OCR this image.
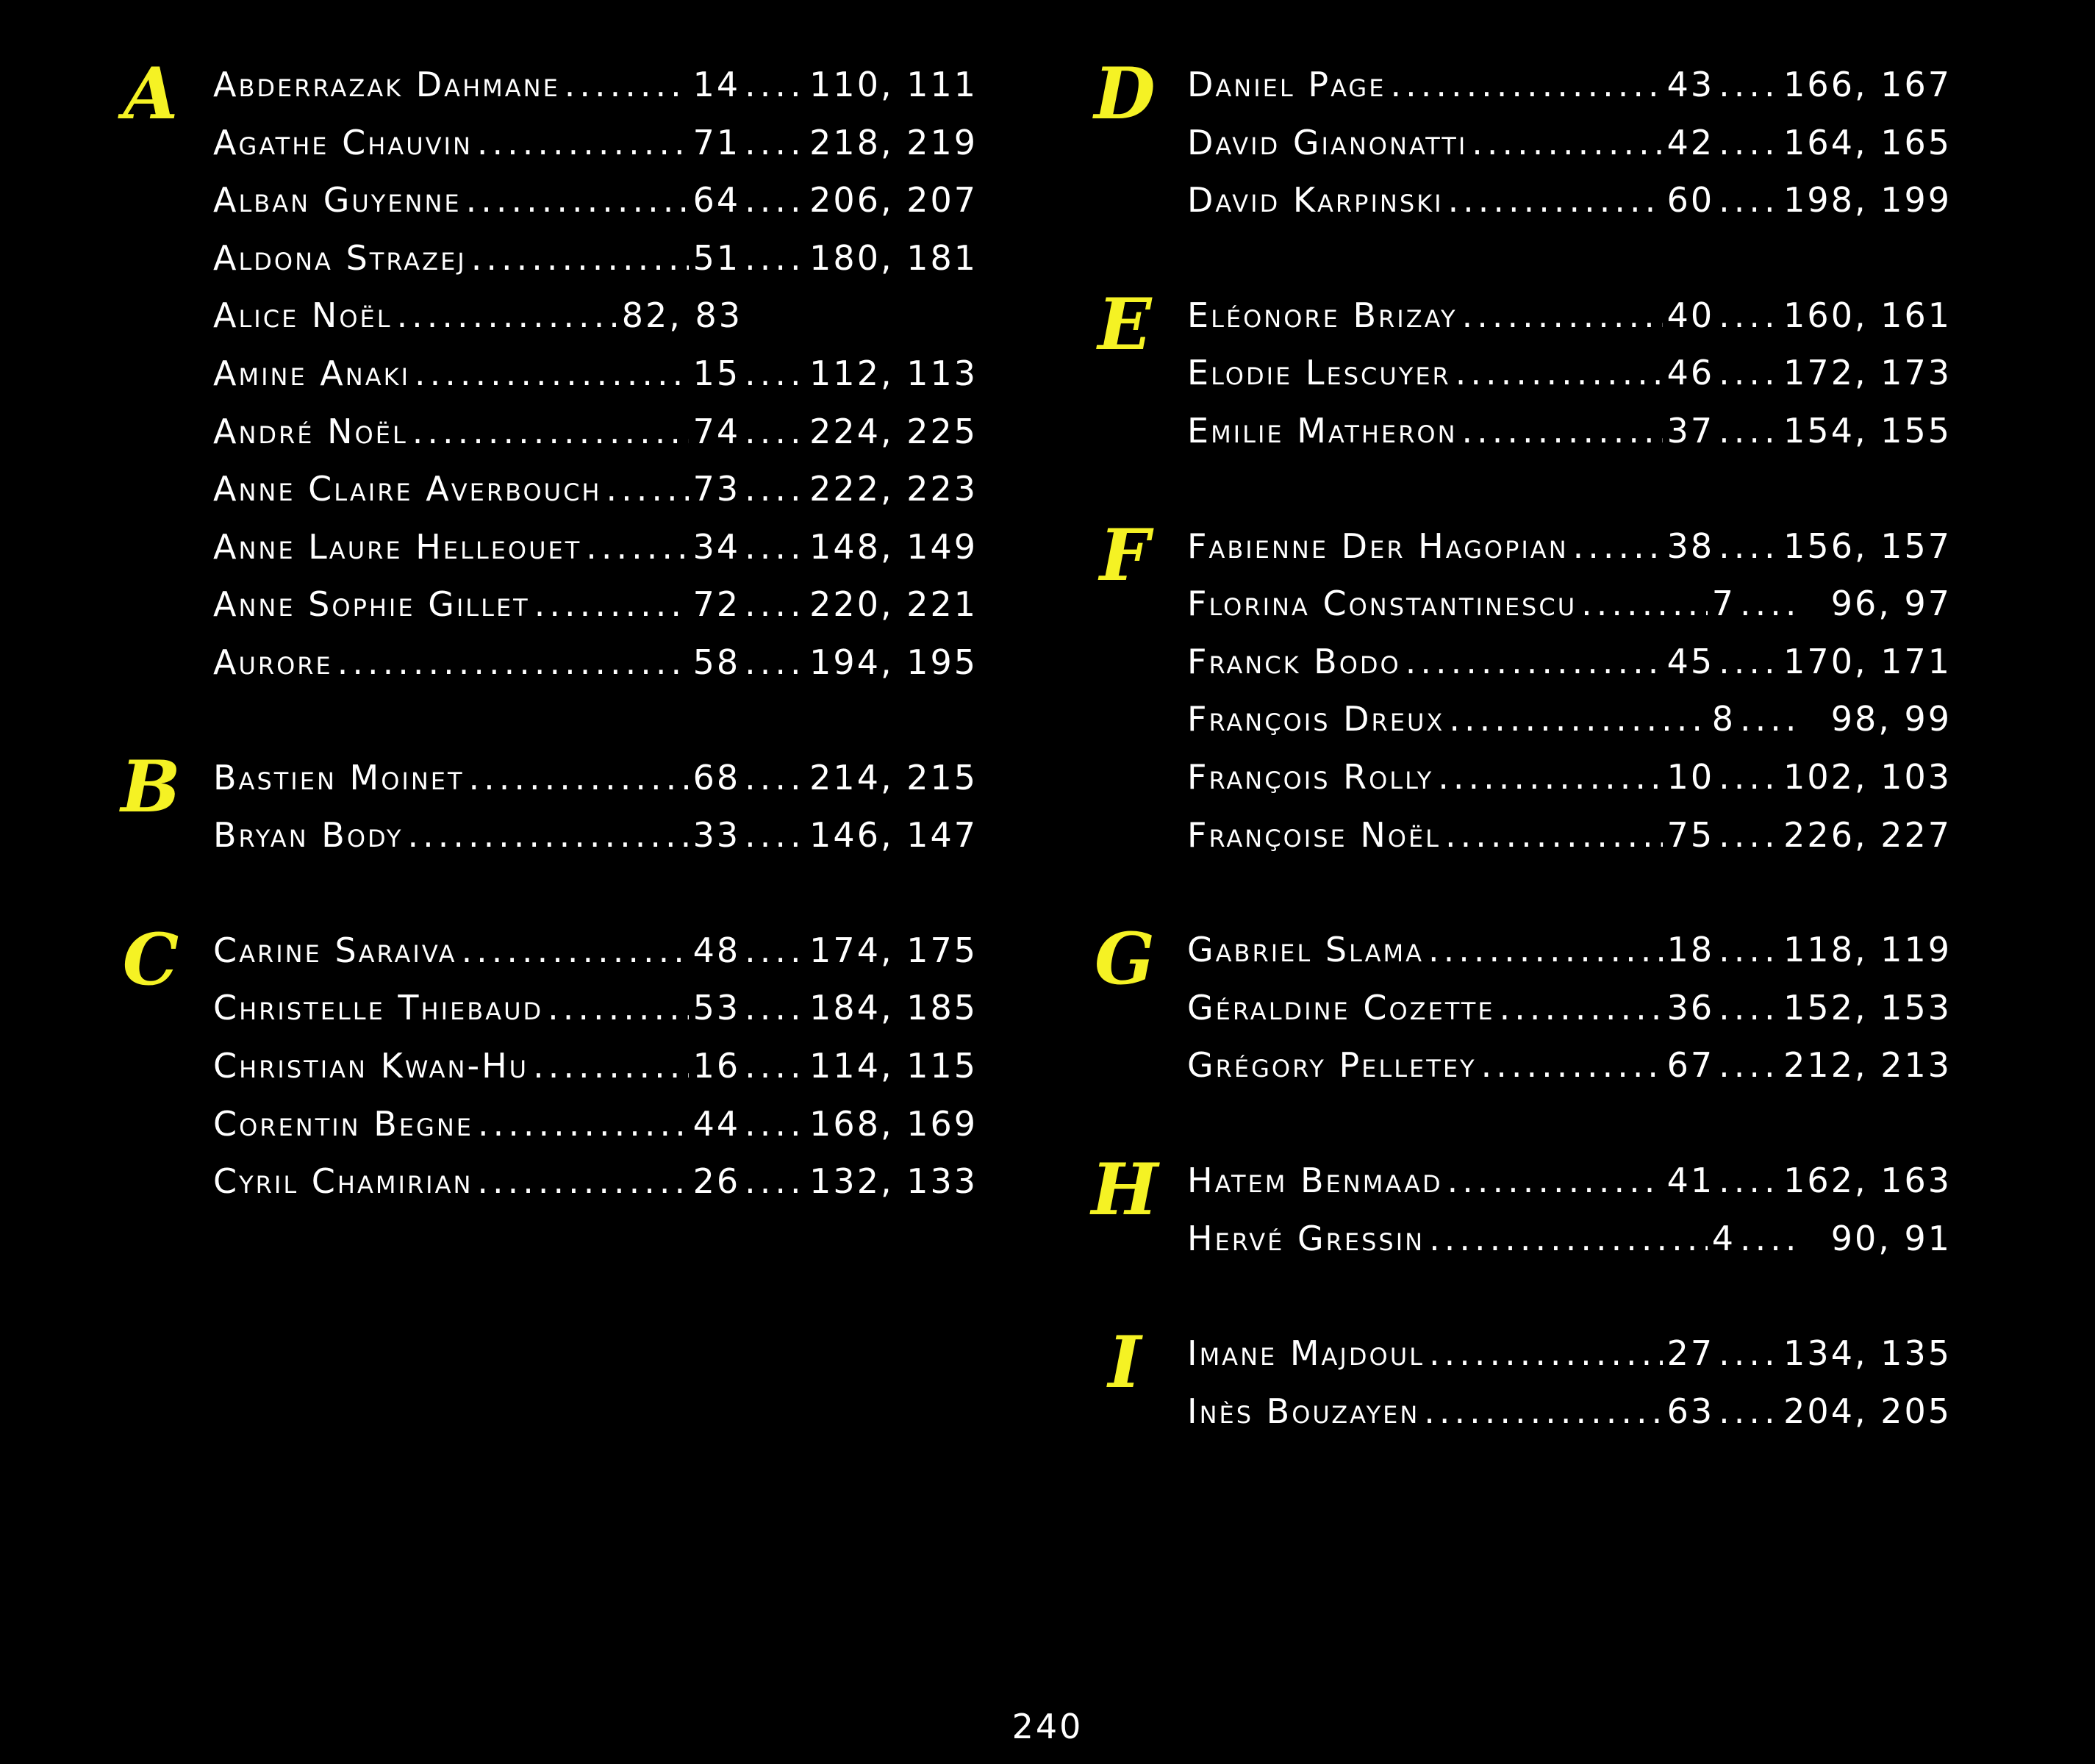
A	Abderrazak Dahmane .....	14 ..... 110, 111
Agathe Chauvin .....	71 ..... 218, 219
Alban Guyenne .....	64 ..... 206, 207
Aldona Strazej .....	51 ..... 180, 181
Alice Noël .....	82, 83
Amine Anaki .....	15 ..... 112, 113
André Noël .....	74 ..... 224, 225
Anne Claire Averbouch .....	73 ..... 222, 223
Anne Laure Helleouet .....	34 ..... 148, 149
Anne Sophie Gillet .....	72 ..... 220, 221
Aurore .....	58 ..... 194, 195
B Bastien Moinet .....	68 ..... 214, 215
Bryan Body .....	33 ..... 146, 147
C	Carine Saraiva .....	48 ..... 174, 175
Christelle Thiebaud .....	53 ..... 184, 185
Christian Kwan-Hu .....	16 ..... 114, 115
Corentin Begne .....	44 ..... 168, 169
Cyril Chamirian .....	26 ..... 132, 133
D Daniel Page .....	43 ..... 166, 167
David Gianonatti .....	42 ..... 164, 165
David Karpinski .....	60 ..... 198, 199
E	Eléonore Brizay .....	40 ..... 160, 161
Elodie Lescuyer .....	46 ..... 172, 173
Emilie Matheron .....	37 ..... 154, 155
F	Fabienne Der Hagopian .....	38 ..... 156, 157
Florina Constantinescu .....	7 .....	96, 97
Franck Bodo .....	45 ..... 170, 171
François Dreux .....	8 .....	98, 99
François Rolly .....	10 ..... 102, 103
Françoise Noël .....	75 ..... 226, 227
G Gabriel Slama .....	18 ..... 118, 119
Géraldine Cozette .....	36 ..... 152, 153
Grégory Pelletey .....	67 ..... 212, 213
H Hatem Benmaad .....	41 ..... 162, 163
Hervé Gressin .....	4 .....	90, 91
I	Imane Majdoul .....	27 ..... 134, 135
Inès Bouzayen .....	63 ..... 204, 205
240
